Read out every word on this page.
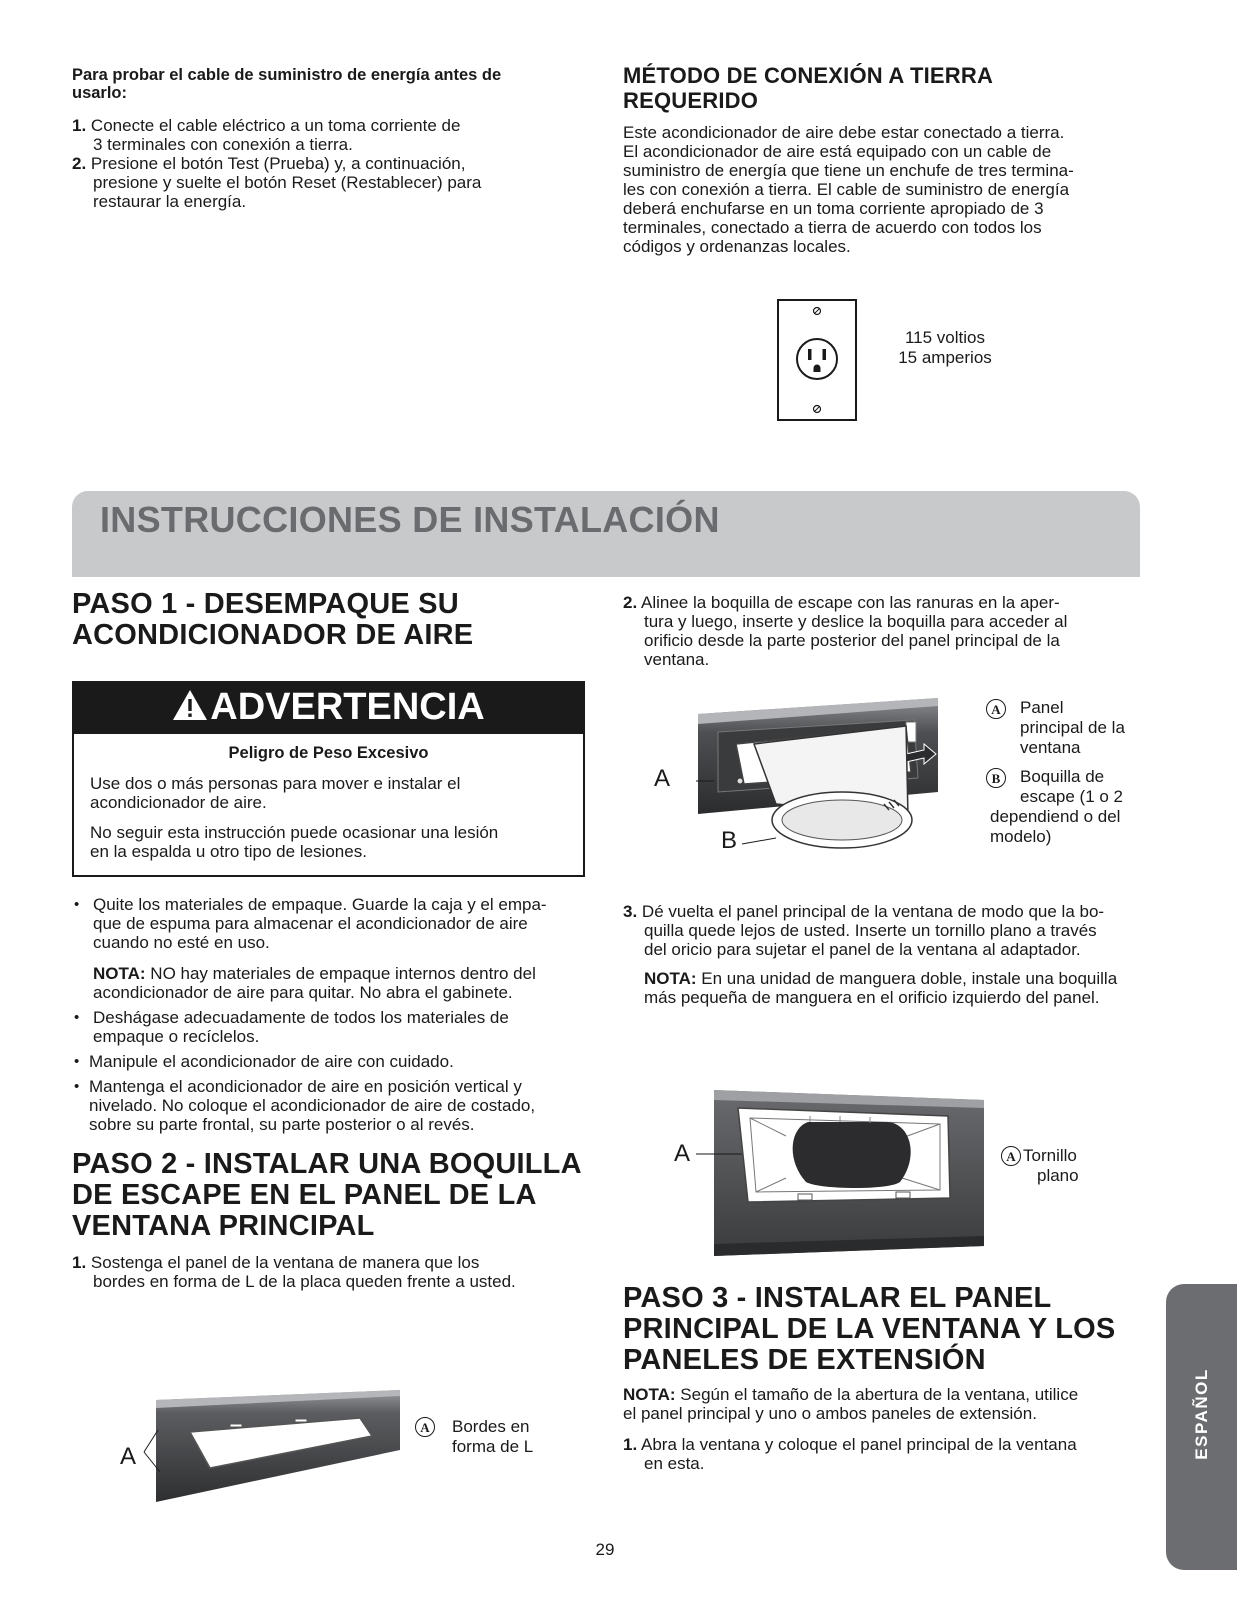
Para probar el cable de suministro de energía antes de usarlo:

1. Conecte el cable eléctrico a un toma corriente de

3 terminales con conexión a tierra.

2. Presione el botón Test (Prueba) y, a continuación,

presione y suelte el botón Reset (Restablecer) para

restaurar la energía.

MÉTODO DE CONEXIÓN A TIERRA
REQUERIDO

Este acondicionador de aire debe estar conectado a tierra.

El acondicionador de aire está equipado con un cable de

suministro de energía que tiene un enchufe de tres termina-

les con conexión a tierra. El cable de suministro de energía

deberá enchufarse en un toma corriente apropiado de 3

terminales, conectado a tierra de acuerdo con todos los

códigos y ordenanzas locales.

115 voltios
15 amperios
INSTRUCCIONES DE INSTALACIÓN
PASO 1 - DESEMPAQUE SU
ACONDICIONADOR DE AIRE
ADVERTENCIA
Peligro de Peso Excesivo

Use dos o más personas para mover e instalar el

acondicionador de aire.

No seguir esta instrucción puede ocasionar una lesión

en la espalda u otro tipo de lesiones.

• Quite los materiales de empaque. Guarde la caja y el empa-

que de espuma para almacenar el acondicionador de aire

cuando no esté en uso.

NOTA: NO hay materiales de empaque internos dentro del

acondicionador de aire para quitar. No abra el gabinete.

• Deshágase adecuadamente de todos los materiales de

empaque o recíclelos.

• Manipule el acondicionador de aire con cuidado.

• Mantenga el acondicionador de aire en posición vertical y

nivelado. No coloque el acondicionador de aire de costado,

sobre su parte frontal, su parte posterior o al revés.

PASO 2 - INSTALAR UNA BOQUILLA
DE ESCAPE EN EL PANEL DE LA
VENTANA PRINCIPAL

1. Sostenga el panel de la ventana de manera que los

bordes en forma de L de la placa queden frente a usted.

A
A	Bordes en
forma de L

2. Alinee la boquilla de escape con las ranuras en la aper-

tura y luego, inserte y deslice la boquilla para acceder al

orificio desde la parte posterior del panel principal de la

ventana.

A
B
A	Panel
principal de la
ventana
B	Boquilla de
escape (1 o 2
dependiend o del
modelo)

3. Dé vuelta el panel principal de la ventana de modo que la bo-

quilla quede lejos de usted. Inserte un tornillo plano a través

del oricio para sujetar el panel de la ventana al adaptador.

NOTA: En una unidad de manguera doble, instale una boquilla

más pequeña de manguera en el orificio izquierdo del panel.

A	A Tornillo
plano
PASO 3 - INSTALAR EL PANEL
PRINCIPAL DE LA VENTANA Y LOS
PANELES DE EXTENSIÓN

NOTA: Según el tamaño de la abertura de la ventana, utilice

el panel principal y uno o ambos paneles de extensión.

1. Abra la ventana y coloque el panel principal de la ventana

en esta.

ESPAÑOL
29
